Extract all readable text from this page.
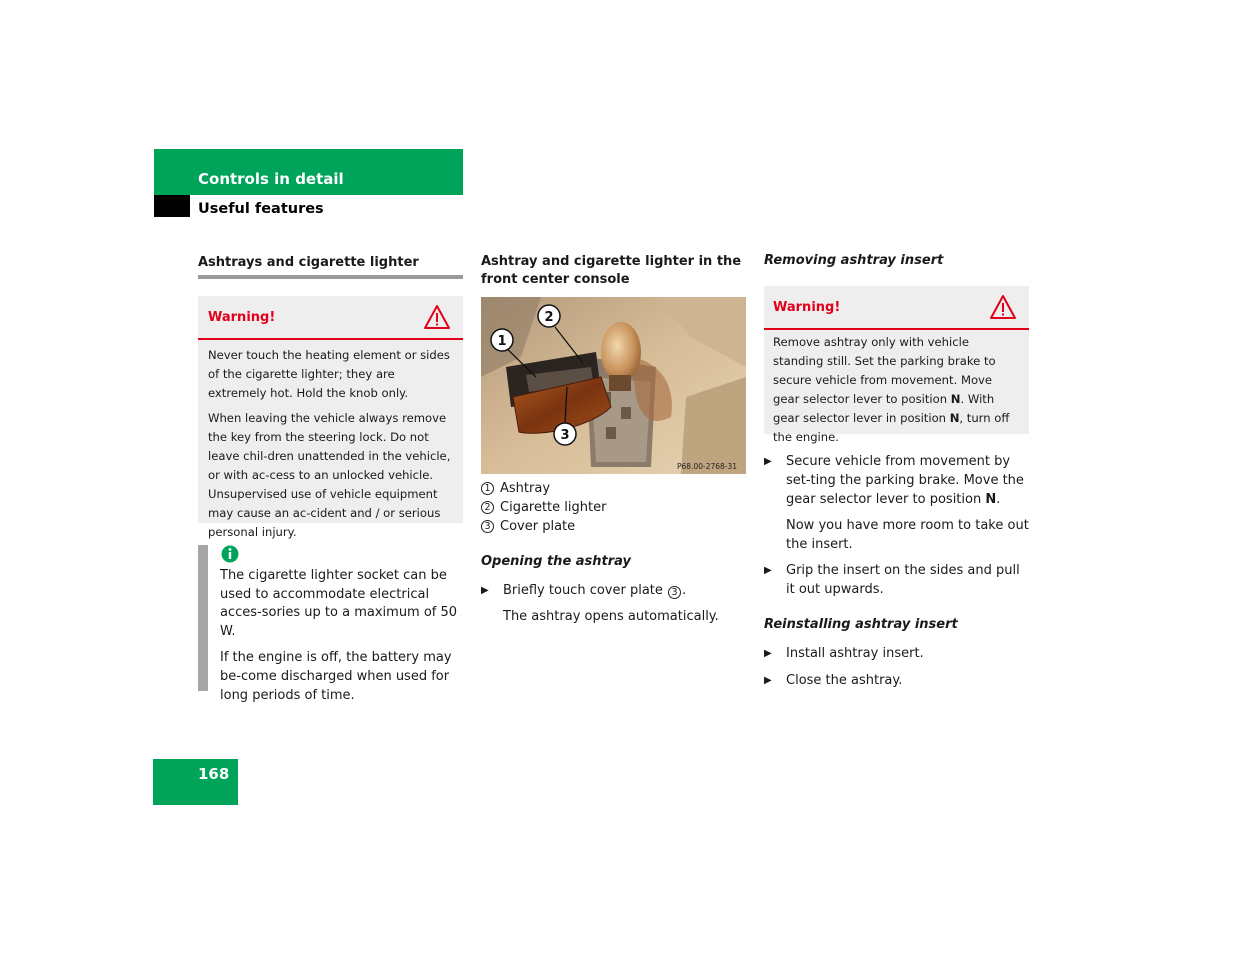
Controls in detail
Useful features
Ashtrays and cigarette lighter
Warning!

Never touch the heating element or sides of the cigarette lighter; they are extremely hot. Hold the knob only.

When leaving the vehicle always remove the key from the steering lock. Do not leave chil-dren unattended in the vehicle, or with ac-cess to an unlocked vehicle. Unsupervised use of vehicle equipment may cause an ac-cident and / or serious personal injury.

The cigarette lighter socket can be used to accommodate electrical acces-sories up to a maximum of 50 W.

If the engine is off, the battery may be-come discharged when used for long periods of time.

Ashtray and cigarette lighter in the front center console
1
2
3
P68.00-2768-31
1 Ashtray
2 Cigarette lighter
3 Cover plate
Opening the ashtray
▶	Briefly touch cover plate 3 .
The ashtray opens automatically.
Removing ashtray insert
Warning!

Remove ashtray only with vehicle standing still. Set the parking brake to secure vehicle from movement. Move gear selector lever to position N. With gear selector lever in position N, turn off the engine.

▶	Secure vehicle from movement by set-ting the parking brake. Move the gear selector lever to position N.
Now you have more room to take out the insert.
▶	Grip the insert on the sides and pull it out upwards.
Reinstalling ashtray insert
▶	Install ashtray insert.
▶	Close the ashtray.
168
